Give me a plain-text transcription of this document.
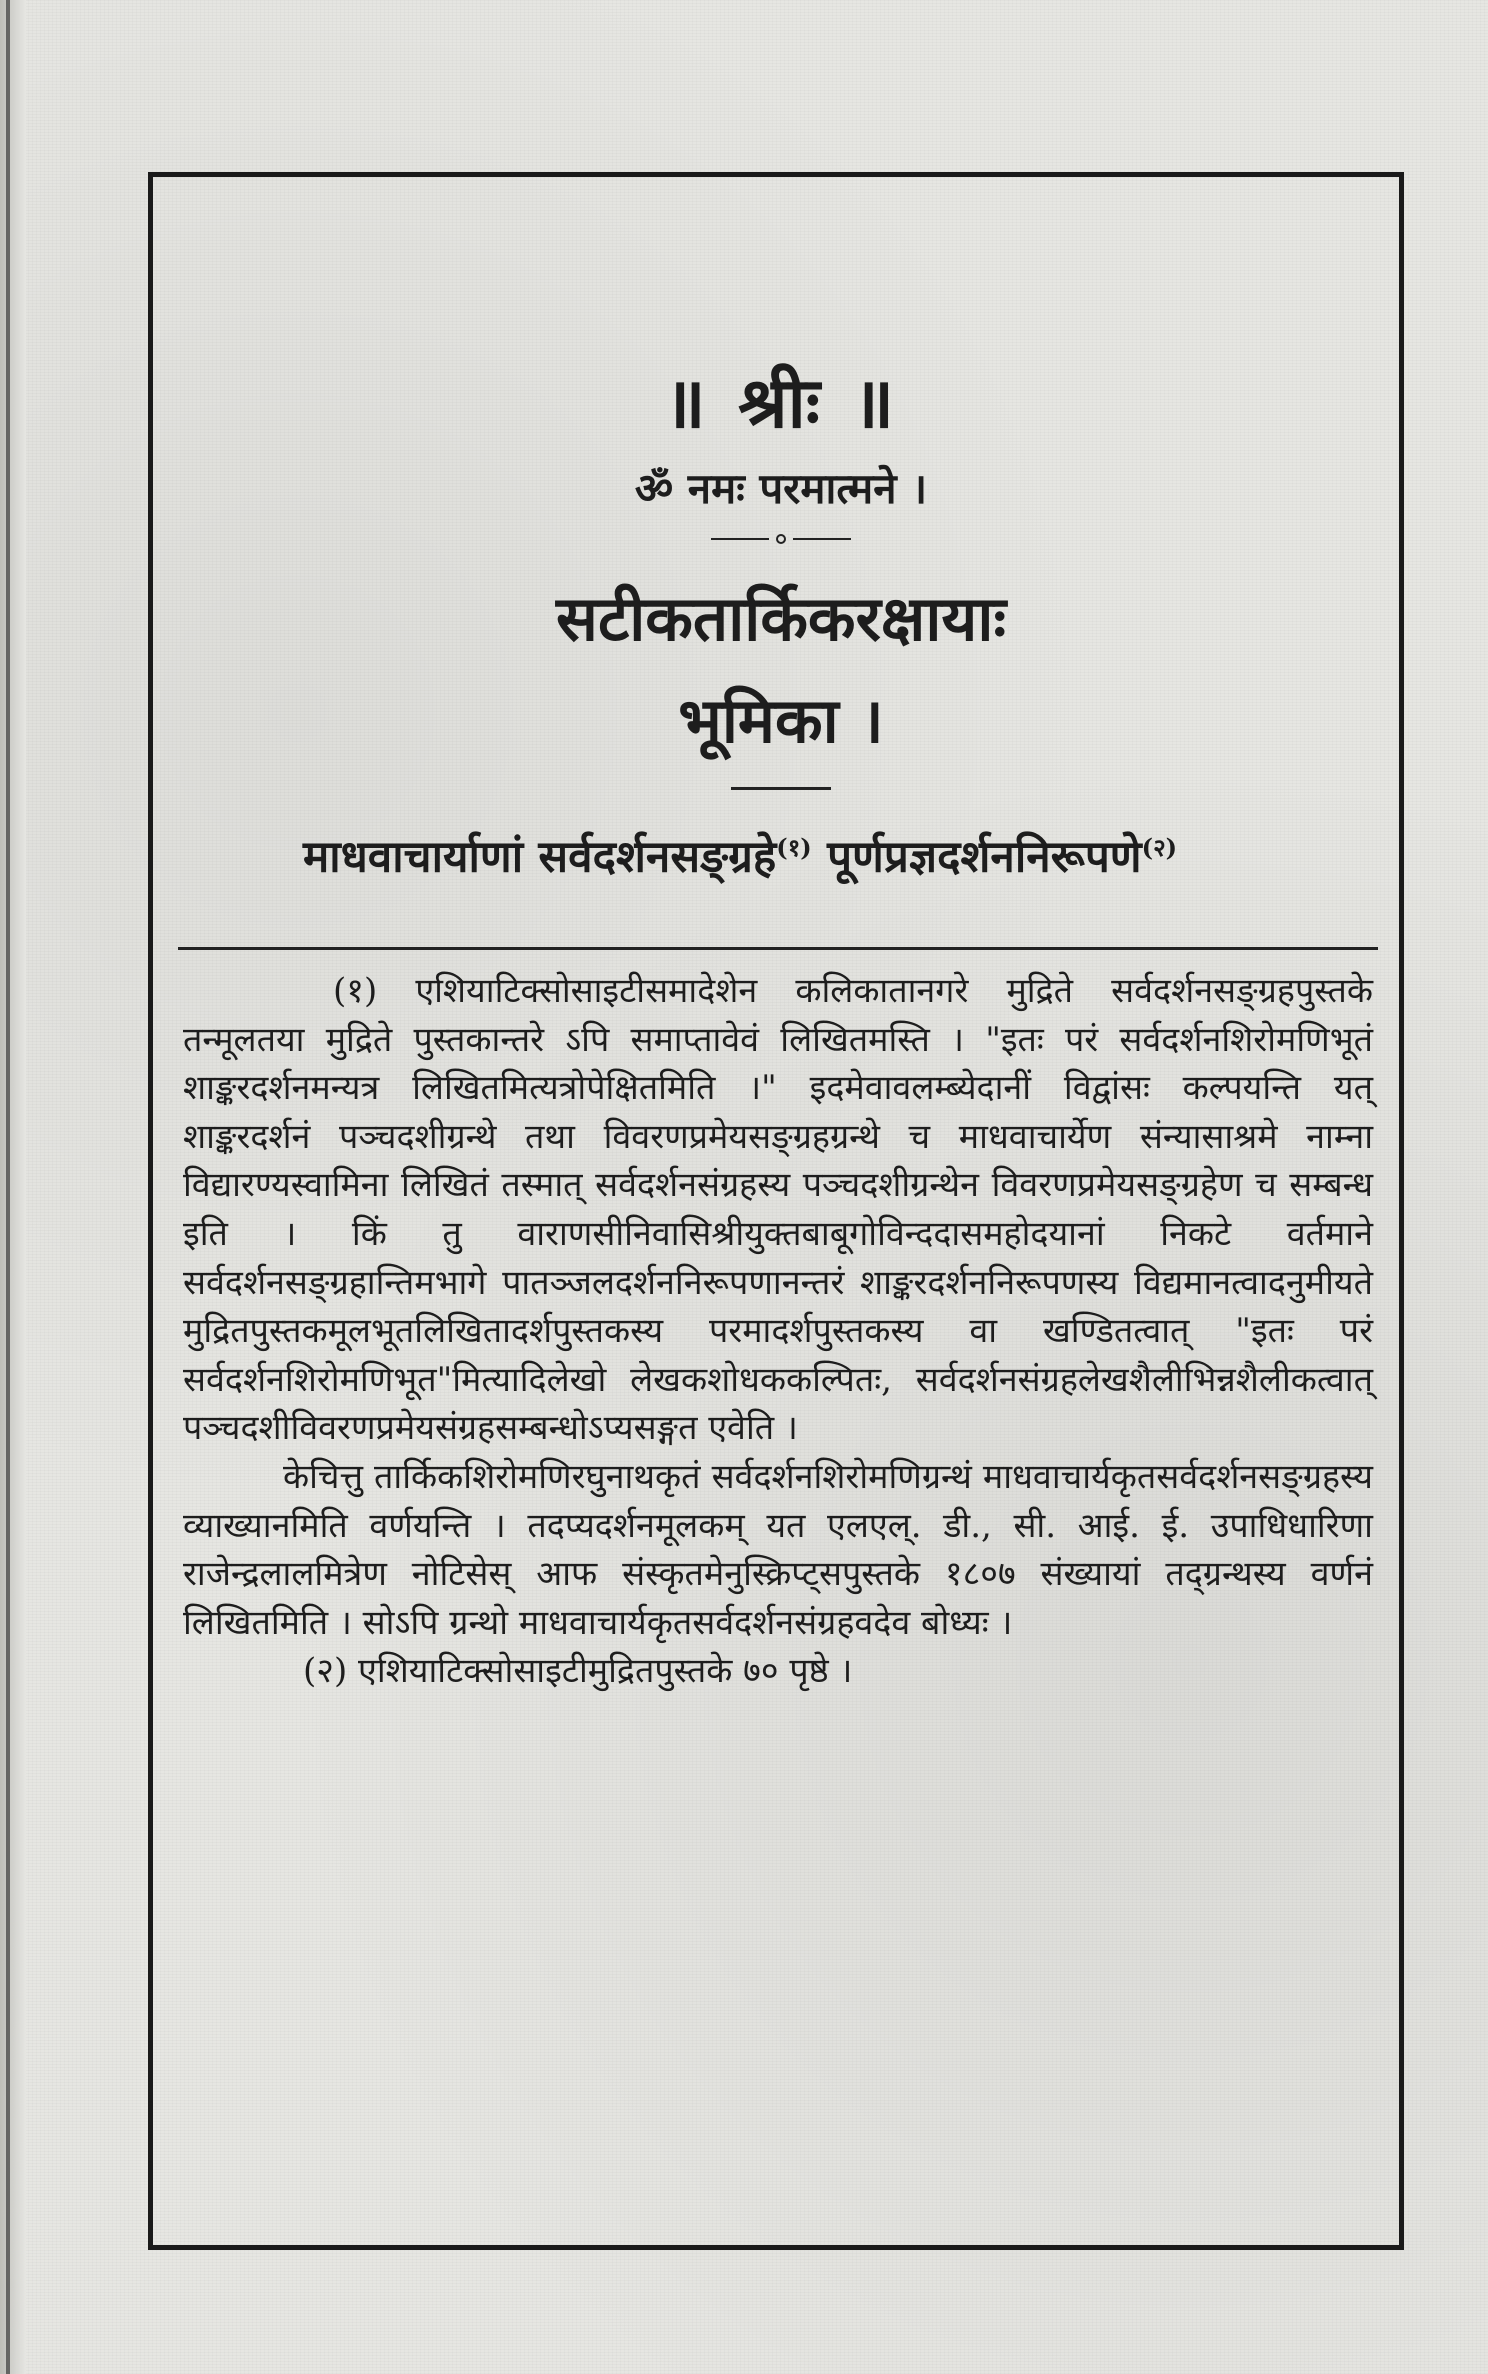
॥ श्रीः ॥
ॐ नमः परमात्मने ।
सटीकतार्किकरक्षायाः
भूमिका ।
माधवाचार्याणां सर्वदर्शनसङ्ग्रहे$^{(१)}$ पूर्णप्रज्ञदर्शननिरूपणे$^{(२)}$

(१) एशियाटिक्सोसाइटीसमादेशेन कलिकातानगरे मुद्रिते सर्वदर्शनसङ्ग्रहपुस्तके तन्मूलतया मुद्रिते पुस्तकान्तरे ऽपि समाप्तावेवं लिखितमस्ति । "इतः परं सर्वदर्शनशिरोमणिभूतं शाङ्करदर्शनमन्यत्र लिखितमित्यत्रोपेक्षितमिति ।" इदमेवावलम्ब्येदानीं विद्वांसः कल्पयन्ति यत् शाङ्करदर्शनं पञ्चदशीग्रन्थे तथा विवरणप्रमेयसङ्ग्रहग्रन्थे च माधवाचार्येण संन्यासाश्रमे नाम्ना विद्यारण्यस्वामिना लिखितं तस्मात् सर्वदर्शनसंग्रहस्य पञ्चदशीग्रन्थेन विवरणप्रमेयसङ्ग्रहेण च सम्बन्ध इति । किं तु वाराणसीनिवासिश्रीयुक्तबाबूगोविन्ददासमहोदयानां निकटे वर्तमाने सर्वदर्शनसङ्ग्रहान्तिमभागे पातञ्जलदर्शननिरूपणानन्तरं शाङ्करदर्शननिरूपणस्य विद्यमानत्वादनुमीयते मुद्रितपुस्तकमूलभूतलिखितादर्शपुस्तकस्य परमादर्शपुस्तकस्य वा खण्डितत्वात् "इतः परं सर्वदर्शनशिरोमणिभूत"मित्यादिलेखो लेखकशोधककल्पितः, सर्वदर्शनसंग्रहलेखशैलीभिन्नशैलीकत्वात् पञ्चदशीविवरणप्रमेयसंग्रहसम्बन्धोऽप्यसङ्गत एवेति ।

केचित्तु तार्किकशिरोमणिरघुनाथकृतं सर्वदर्शनशिरोमणिग्रन्थं माधवाचार्यकृतसर्वदर्शनसङ्ग्रहस्य व्याख्यानमिति वर्णयन्ति । तदप्यदर्शनमूलकम् यत एलएल्. डी., सी. आई. ई. उपाधिधारिणा राजेन्द्रलालमित्रेण नोटिसेस् आफ संस्कृतमेनुस्क्रिप्ट्सपुस्तके १८०७ संख्यायां तद्ग्रन्थस्य वर्णनं लिखितमिति । सोऽपि ग्रन्थो माधवाचार्यकृतसर्वदर्शनसंग्रहवदेव बोध्यः ।

(२) एशियाटिक्सोसाइटीमुद्रितपुस्तके ७० पृष्ठे ।
